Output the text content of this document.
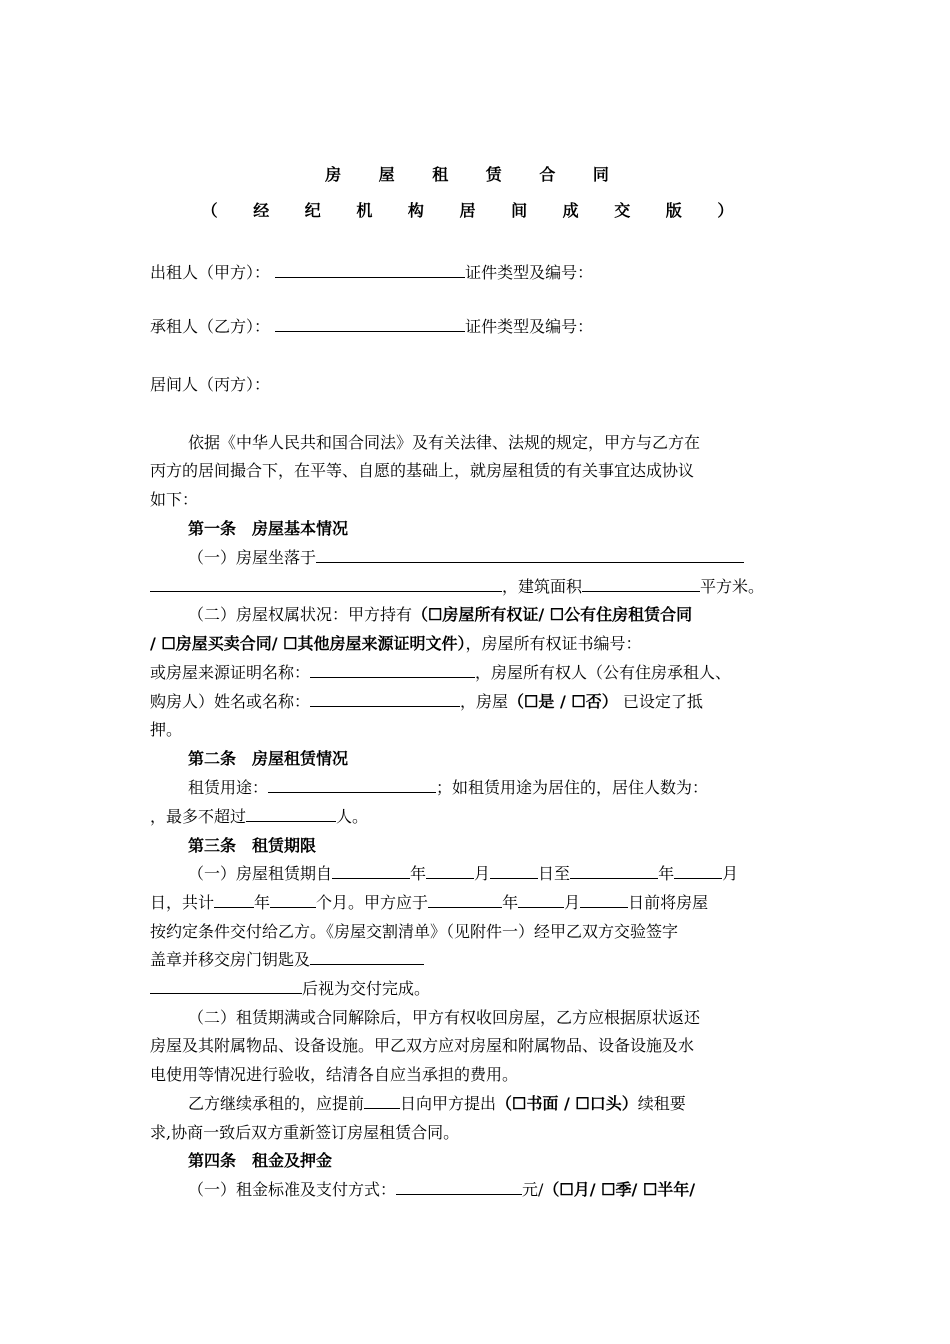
房 屋 租 赁 合 同
（ 经 纪 机 构 居 间 成 交 版 ）
出租人（甲方）：	证件类型及编号：
承租人（乙方）：	证件类型及编号：
居间人（丙方）：
依据《中华人民共和国合同法》及有关法律、法规的规定，甲方与乙方在
丙方的居间撮合下，在平等、自愿的基础上，就房屋租赁的有关事宜达成协议
如下：
第一条　房屋基本情况
（一）房屋坐落于
，建筑面积	平方米。
（二）房屋权属状况：甲方持有（☐房屋所有权证/ ☐公有住房租赁合同
/ ☐房屋买卖合同/ ☐其他房屋来源证明文件），房屋所有权证书编号：
或房屋来源证明名称：	，房屋所有权人（公有住房承租人、
购房人）姓名或名称：	，房屋（☐是 / ☐否） 已设定了抵
押。
第二条　房屋租赁情况
租赁用途：	；如租赁用途为居住的，居住人数为：
，最多不超过	人。
第三条　租赁期限
（一）房屋租赁期自	年	月	日至	年	月
日，共计	年	个月。甲方应于	年	月	日前将房屋
按约定条件交付给乙方。《房屋交割清单》（见附件一）经甲乙双方交验签字
盖章并移交房门钥匙及
后视为交付完成。
（二）租赁期满或合同解除后，甲方有权收回房屋，乙方应根据原状返还
房屋及其附属物品、设备设施。甲乙双方应对房屋和附属物品、设备设施及水
电使用等情况进行验收，结清各自应当承担的费用。
乙方继续承租的，应提前 日向甲方提出（☐书面 / ☐口头）续租要
求,协商一致后双方重新签订房屋租赁合同。
第四条　租金及押金
（一）租金标准及支付方式：	元/（☐月/ ☐季/ ☐半年/
